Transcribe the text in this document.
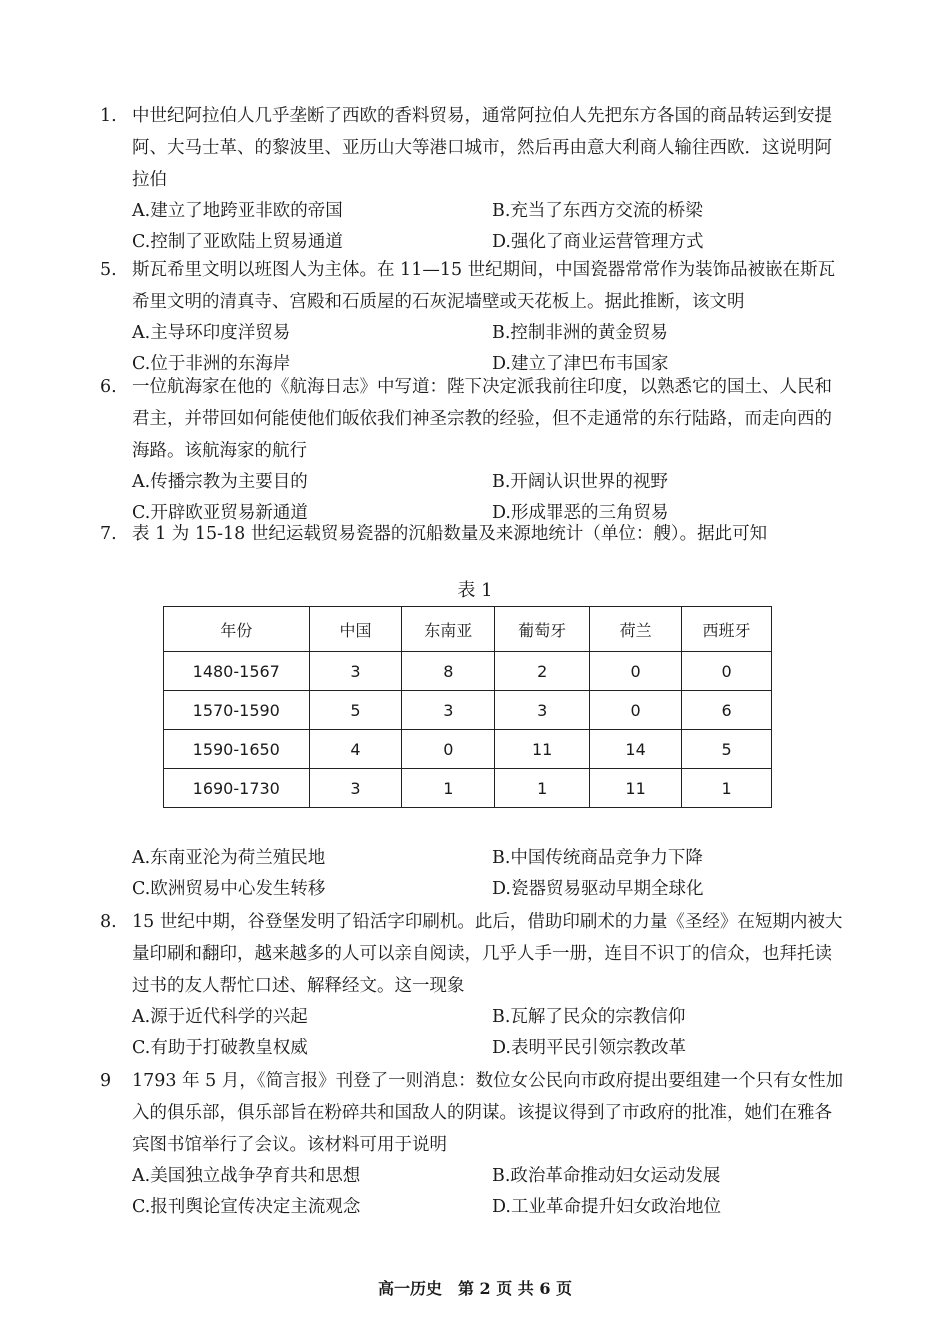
1. 中世纪阿拉伯人几乎垄断了西欧的香料贸易，通常阿拉伯人先把东方各国的商品转运到安提阿、大马士革、的黎波里、亚历山大等港口城市，然后再由意大利商人输往西欧．这说明阿拉伯
A.建立了地跨亚非欧的帝国	B.充当了东西方交流的桥梁
C.控制了亚欧陆上贸易通道	D.强化了商业运营管理方式
5. 斯瓦希里文明以班图人为主体。在 11—15 世纪期间，中国瓷器常常作为装饰品被嵌在斯瓦希里文明的清真寺、宫殿和石质屋的石灰泥墙壁或天花板上。据此推断，该文明
A.主导环印度洋贸易	B.控制非洲的黄金贸易
C.位于非洲的东海岸	D.建立了津巴布韦国家
6. 一位航海家在他的《航海日志》中写道：陛下决定派我前往印度，以熟悉它的国土、人民和君主，并带回如何能使他们皈依我们神圣宗教的经验，但不走通常的东行陆路，而走向西的海路。该航海家的航行
A.传播宗教为主要目的	B.开阔认识世界的视野
C.开辟欧亚贸易新通道	D.形成罪恶的三角贸易
7. 表 1 为 15-18 世纪运载贸易瓷器的沉船数量及来源地统计（单位：艘）。据此可知
表 1
年份	中国	东南亚	葡萄牙	荷兰	西班牙
1480-1567	3	8	2	0	0
1570-1590	5	3	3	0	6
1590-1650	4	0	11	14	5
1690-1730	3	1	1	11	1
A.东南亚沦为荷兰殖民地	B.中国传统商品竞争力下降
C.欧洲贸易中心发生转移	D.瓷器贸易驱动早期全球化
8. 15 世纪中期，谷登堡发明了铅活字印刷机。此后，借助印刷术的力量《圣经》在短期内被大量印刷和翻印，越来越多的人可以亲自阅读，几乎人手一册，连目不识丁的信众，也拜托读过书的友人帮忙口述、解释经文。这一现象
A.源于近代科学的兴起	B.瓦解了民众的宗教信仰
C.有助于打破教皇权威	D.表明平民引领宗教改革
9 1793 年 5 月，《简言报》刊登了一则消息：数位女公民向市政府提出要组建一个只有女性加入的俱乐部，俱乐部旨在粉碎共和国敌人的阴谋。该提议得到了市政府的批准，她们在雅各宾图书馆举行了会议。该材料可用于说明
A.美国独立战争孕育共和思想	B.政治革命推动妇女运动发展
C.报刊舆论宣传决定主流观念	D.工业革命提升妇女政治地位
高一历史　第 2 页 共 6 页
